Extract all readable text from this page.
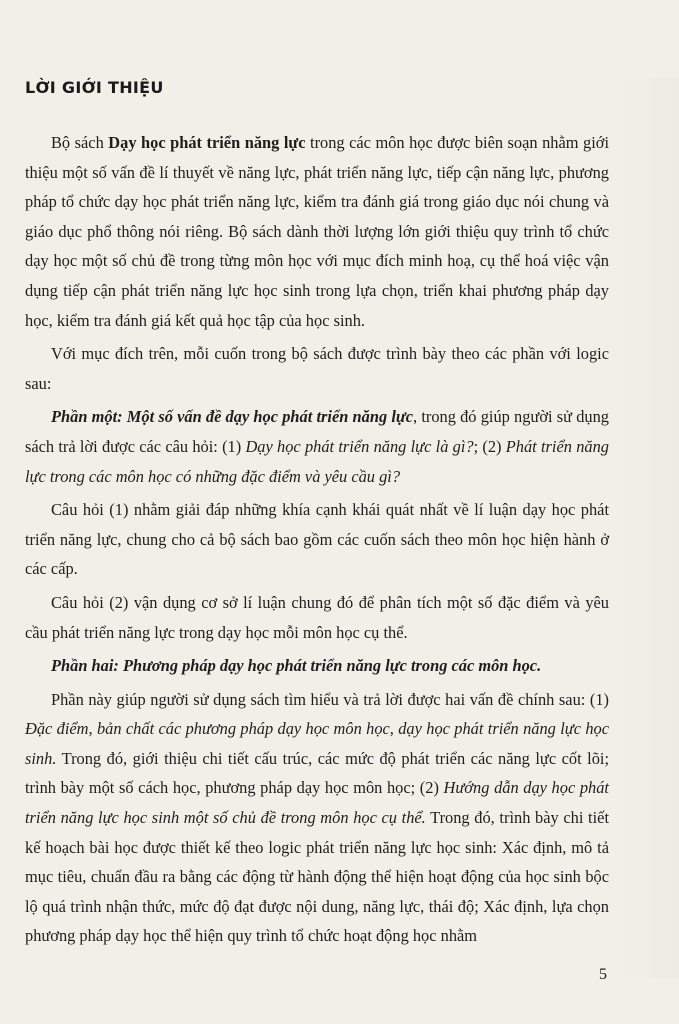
LỜI GIỚI THIỆU

Bộ sách Dạy học phát triển năng lực trong các môn học được biên soạn nhằm giới thiệu một số vấn đề lí thuyết về năng lực, phát triển năng lực, tiếp cận năng lực, phương pháp tổ chức dạy học phát triển năng lực, kiểm tra đánh giá trong giáo dục nói chung và giáo dục phổ thông nói riêng. Bộ sách dành thời lượng lớn giới thiệu quy trình tổ chức dạy học một số chủ đề trong từng môn học với mục đích minh hoạ, cụ thể hoá việc vận dụng tiếp cận phát triển năng lực học sinh trong lựa chọn, triển khai phương pháp dạy học, kiểm tra đánh giá kết quả học tập của học sinh.

Với mục đích trên, mỗi cuốn trong bộ sách được trình bày theo các phần với logic sau:

Phần một: Một số vấn đề dạy học phát triển năng lực, trong đó giúp người sử dụng sách trả lời được các câu hỏi: (1) Dạy học phát triển năng lực là gì?; (2) Phát triển năng lực trong các môn học có những đặc điểm và yêu cầu gì?

Câu hỏi (1) nhằm giải đáp những khía cạnh khái quát nhất về lí luận dạy học phát triển năng lực, chung cho cả bộ sách bao gồm các cuốn sách theo môn học hiện hành ở các cấp.

Câu hỏi (2) vận dụng cơ sở lí luận chung đó để phân tích một số đặc điểm và yêu cầu phát triển năng lực trong dạy học mỗi môn học cụ thể.

Phần hai: Phương pháp dạy học phát triển năng lực trong các môn học.

Phần này giúp người sử dụng sách tìm hiểu và trả lời được hai vấn đề chính sau: (1) Đặc điểm, bản chất các phương pháp dạy học môn học, dạy học phát triển năng lực học sinh. Trong đó, giới thiệu chi tiết cấu trúc, các mức độ phát triển các năng lực cốt lõi; trình bày một số cách học, phương pháp dạy học môn học; (2) Hướng dẫn dạy học phát triển năng lực học sinh một số chủ đề trong môn học cụ thể. Trong đó, trình bày chi tiết kế hoạch bài học được thiết kế theo logic phát triển năng lực học sinh: Xác định, mô tả mục tiêu, chuẩn đầu ra bằng các động từ hành động thể hiện hoạt động của học sinh bộc lộ quá trình nhận thức, mức độ đạt được nội dung, năng lực, thái độ; Xác định, lựa chọn phương pháp dạy học thể hiện quy trình tổ chức hoạt động học nhằm

5
